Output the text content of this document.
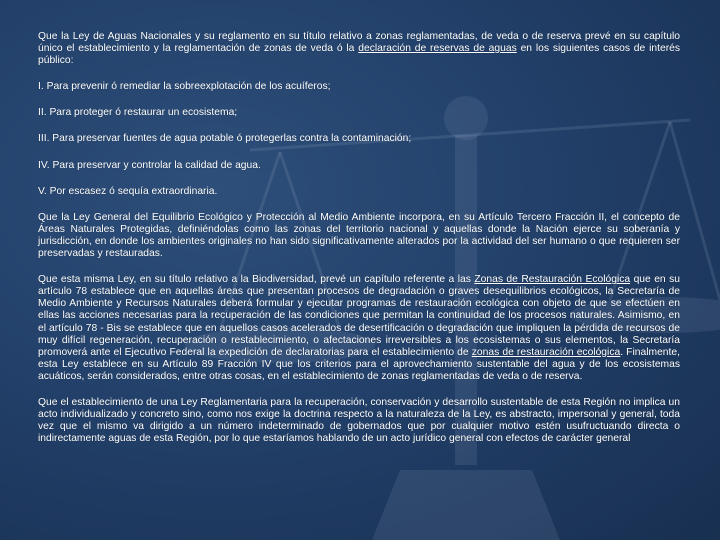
Que la Ley de Aguas Nacionales y su reglamento en su título relativo a zonas reglamentadas, de veda o de reserva prevé en su capítulo único el establecimiento y la reglamentación de zonas de veda ó la declaración de reservas de aguas en los siguientes casos de interés público:

I. Para prevenir ó remediar la sobreexplotación de los acuíferos;

II. Para proteger ó restaurar un ecosistema;

III. Para preservar fuentes de agua potable ó protegerlas contra la contaminación;

IV. Para preservar y controlar la calidad de agua.

V. Por escasez ó sequía extraordinaria.

Que la Ley General del Equilibrio Ecológico y Protección al Medio Ambiente incorpora, en su Artículo Tercero Fracción II, el concepto de Áreas Naturales Protegidas, definiéndolas como las zonas del territorio nacional y aquellas donde la Nación ejerce su soberanía y jurisdicción, en donde los ambientes originales no han sido significativamente alterados por la actividad del ser humano o que requieren ser preservadas y restauradas.

Que esta misma Ley, en su título relativo a la Biodiversidad, prevé un capítulo referente a las Zonas de Restauración Ecológica que en su artículo 78 establece que en aquellas áreas que presentan procesos de degradación o graves desequilibrios ecológicos, la Secretaría de Medio Ambiente y Recursos Naturales deberá formular y ejecutar programas de restauración ecológica con objeto de que se efectúen en ellas las acciones necesarias para la recuperación de las condiciones que permitan la continuidad de los procesos naturales. Asimismo, en el artículo 78 - Bis se establece que en aquellos casos acelerados de desertificación o degradación que impliquen la pérdida de recursos de muy difícil regeneración, recuperación o restablecimiento, o afectaciones irreversibles a los ecosistemas o sus elementos, la Secretaría promoverá ante el Ejecutivo Federal la expedición de declaratorias para el establecimiento de zonas de restauración ecológica. Finalmente, esta Ley establece en su Artículo 89 Fracción IV que los criterios para el aprovechamiento sustentable del agua y de los ecosistemas acuáticos, serán considerados, entre otras cosas, en el establecimiento de zonas reglamentadas de veda o de reserva.

Que el establecimiento de una Ley Reglamentaria para la recuperación, conservación y desarrollo sustentable de esta Región no implica un acto individualizado y concreto sino, como nos exige la doctrina respecto a la naturaleza de la Ley, es abstracto, impersonal y general, toda vez que el mismo va dirigido a un número indeterminado de gobernados que por cualquier motivo estén usufructuando directa o indirectamente aguas de esta Región, por lo que estaríamos hablando de un acto jurídico general con efectos de carácter general
